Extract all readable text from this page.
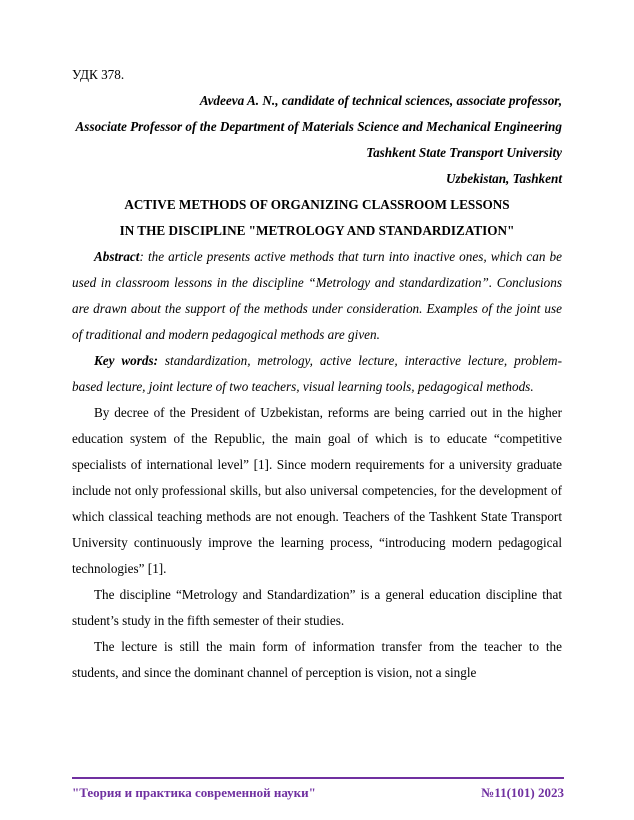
УДК 378.
Avdeeva A. N., candidate of technical sciences, associate professor,
Associate Professor of the Department of Materials Science and Mechanical Engineering
Tashkent State Transport University
Uzbekistan, Tashkent
ACTIVE METHODS OF ORGANIZING CLASSROOM LESSONS
IN THE DISCIPLINE "METROLOGY AND STANDARDIZATION"

Abstract: the article presents active methods that turn into inactive ones, which can be used in classroom lessons in the discipline “Metrology and standardization”. Conclusions are drawn about the support of the methods under consideration. Examples of the joint use of traditional and modern pedagogical methods are given.

Key words: standardization, metrology, active lecture, interactive lecture, problem-based lecture, joint lecture of two teachers, visual learning tools, pedagogical methods.

By decree of the President of Uzbekistan, reforms are being carried out in the higher education system of the Republic, the main goal of which is to educate “competitive specialists of international level” [1]. Since modern requirements for a university graduate include not only professional skills, but also universal competencies, for the development of which classical teaching methods are not enough. Teachers of the Tashkent State Transport University continuously improve the learning process, “introducing modern pedagogical technologies” [1].

The discipline “Metrology and Standardization” is a general education discipline that student’s study in the fifth semester of their studies.

The lecture is still the main form of information transfer from the teacher to the students, and since the dominant channel of perception is vision, not a single

"Теория и практика современной науки"	№11(101) 2023
